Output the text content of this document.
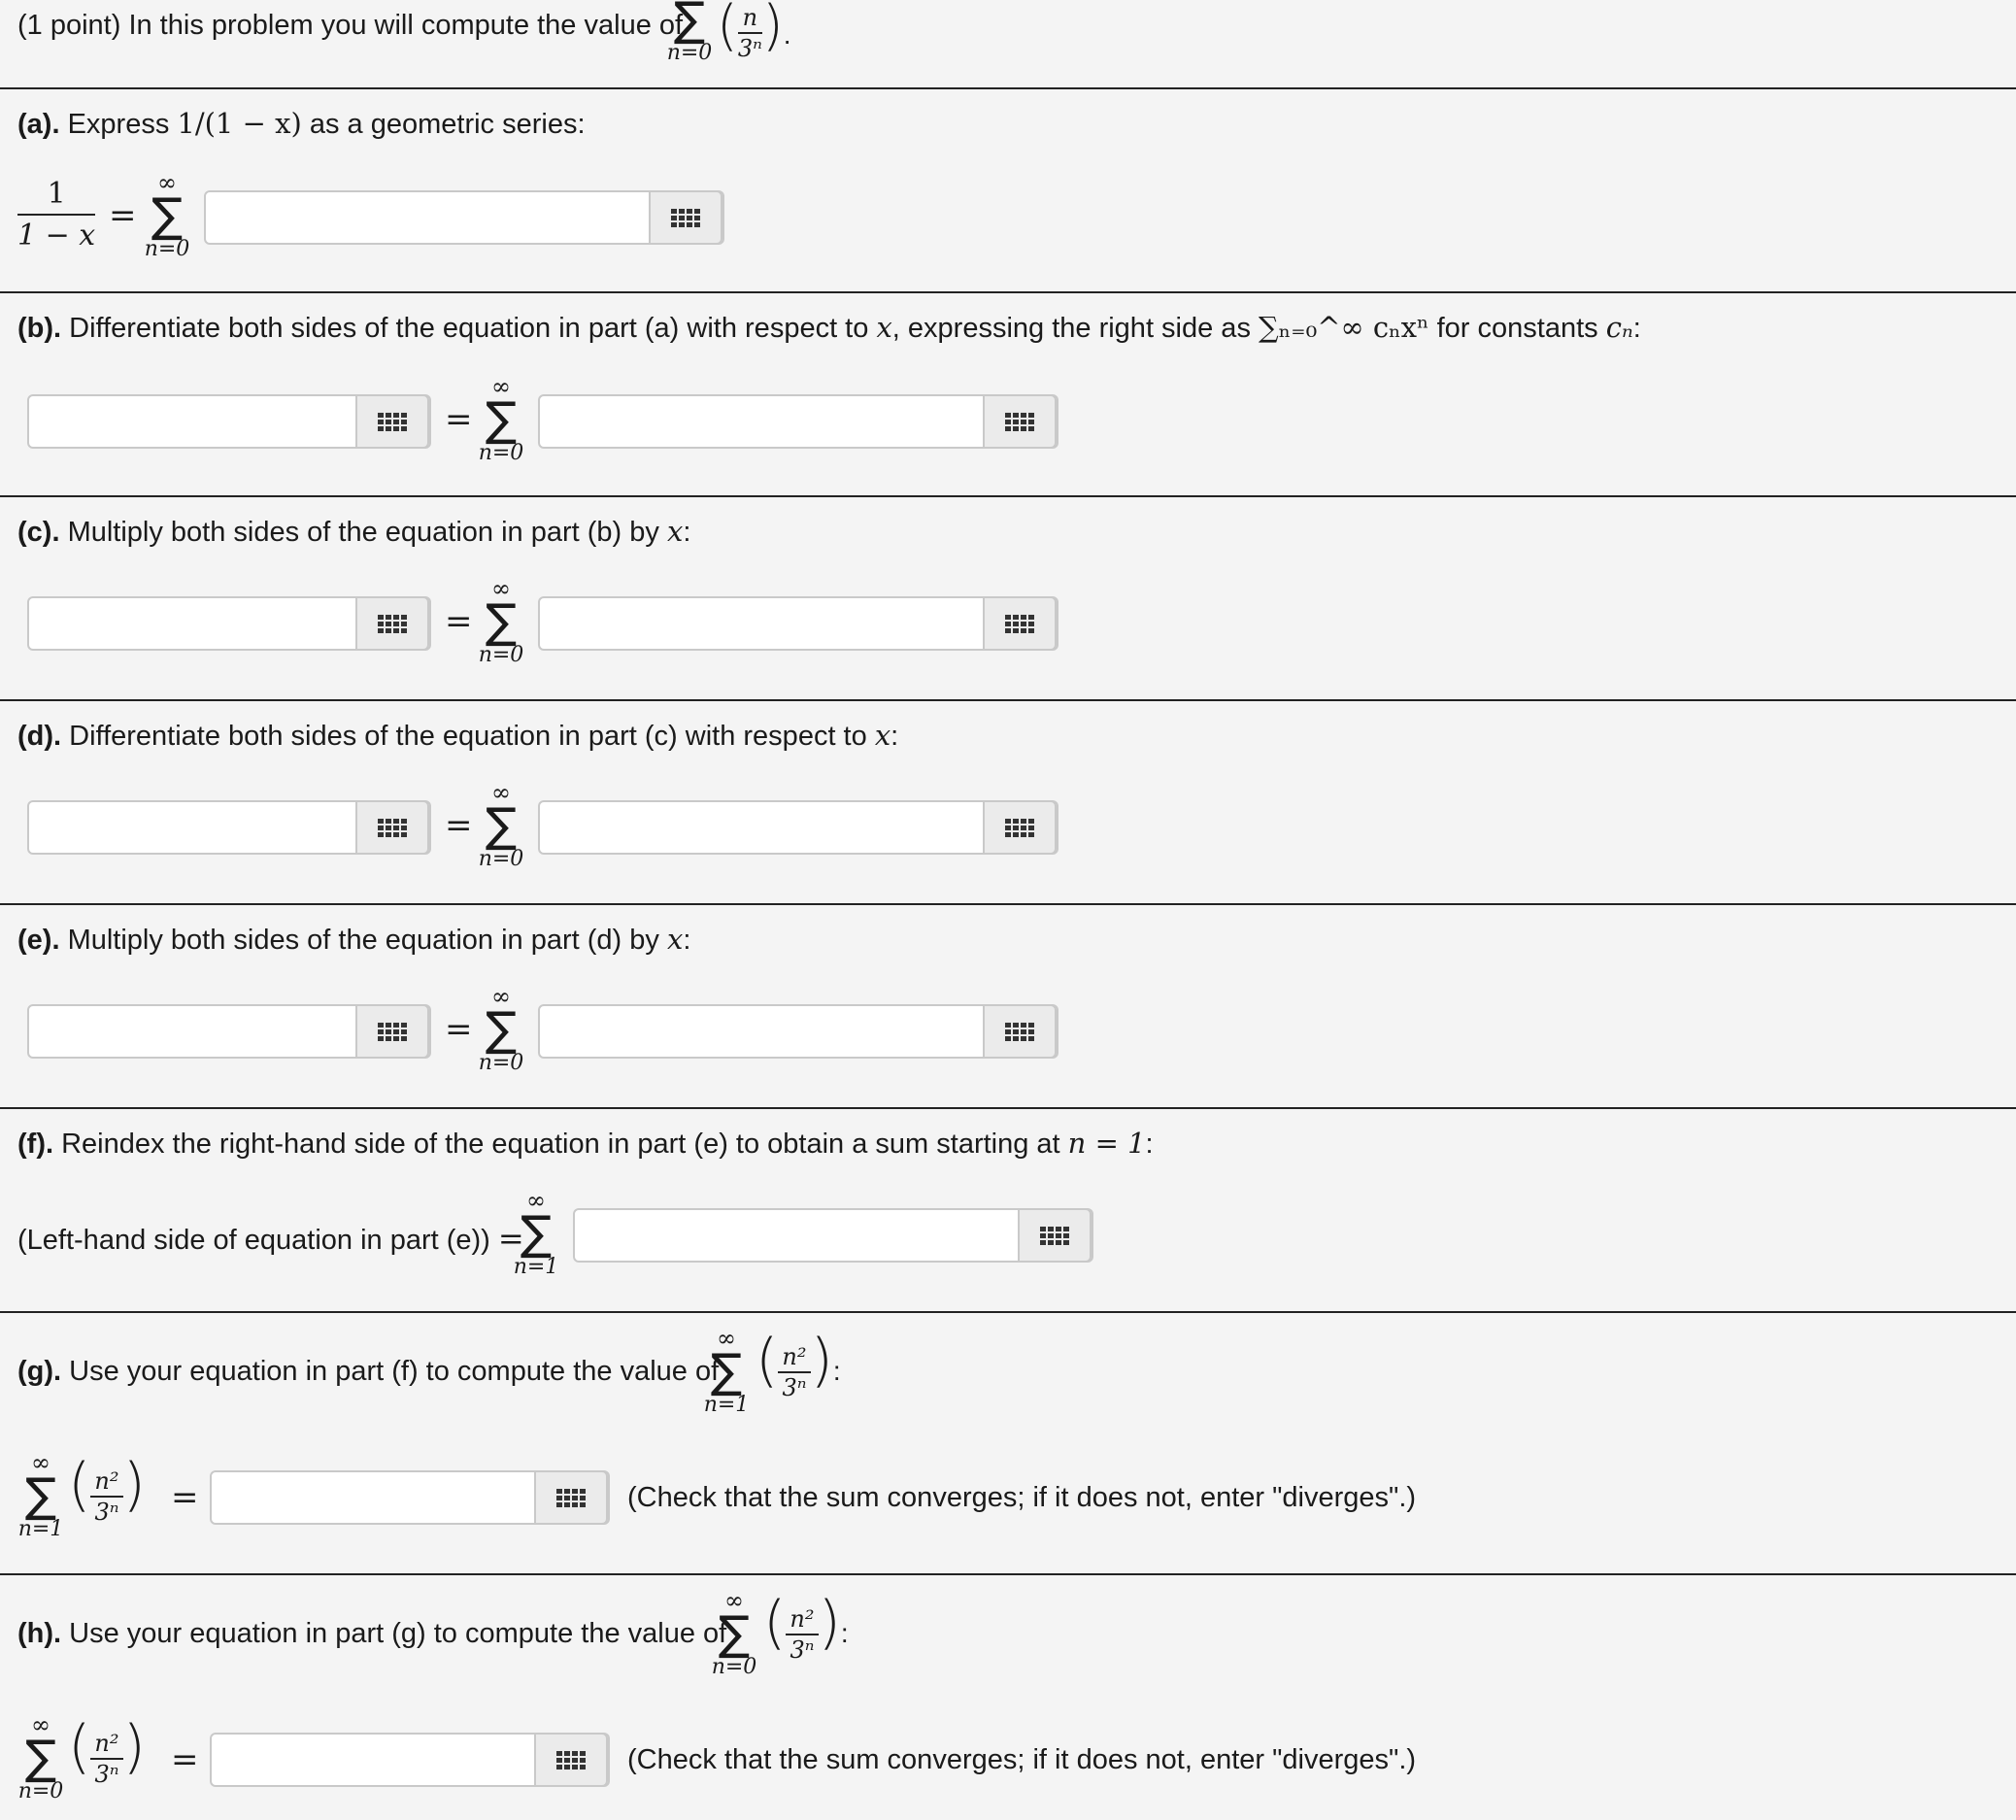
(1 point) In this problem you will compute the value of
∑
n=0 ( $\frac{n}{\text{3ⁿ}}$ ).
(a). Express 1/(1 − x) as a geometric series:
$\frac{1}{1 - x}$ =
∞
∑
n=0
(b). Differentiate both sides of the equation in part (a) with respect to x, expressing the right side as ∑ₙ₌₀^∞ cₙxⁿ for constants cₙ:
=
∞
∑
n=0
(c). Multiply both sides of the equation in part (b) by x:
=
∞
∑
n=0
(d). Differentiate both sides of the equation in part (c) with respect to x:
=
∞
∑
n=0
(e). Multiply both sides of the equation in part (d) by x:
=
∞
∑
n=0
(f). Reindex the right-hand side of the equation in part (e) to obtain a sum starting at n = 1:
(Left-hand side of equation in part (e)) =
∞
∑
n=1
(g). Use your equation in part (f) to compute the value of
∞
∑
n=1
( $\frac{\text{n²}}{\text{3ⁿ}}$ ):
∞
∑
n=1
( $\frac{\text{n²}}{\text{3ⁿ}}$ ) =	(Check that the sum converges; if it does not, enter "diverges".)
(h). Use your equation in part (g) to compute the value of
∞
∑
n=0
( $\frac{\text{n²}}{\text{3ⁿ}}$ ):
∞
∑
n=0
( $\frac{\text{n²}}{\text{3ⁿ}}$ ) =	(Check that the sum converges; if it does not, enter "diverges".)
